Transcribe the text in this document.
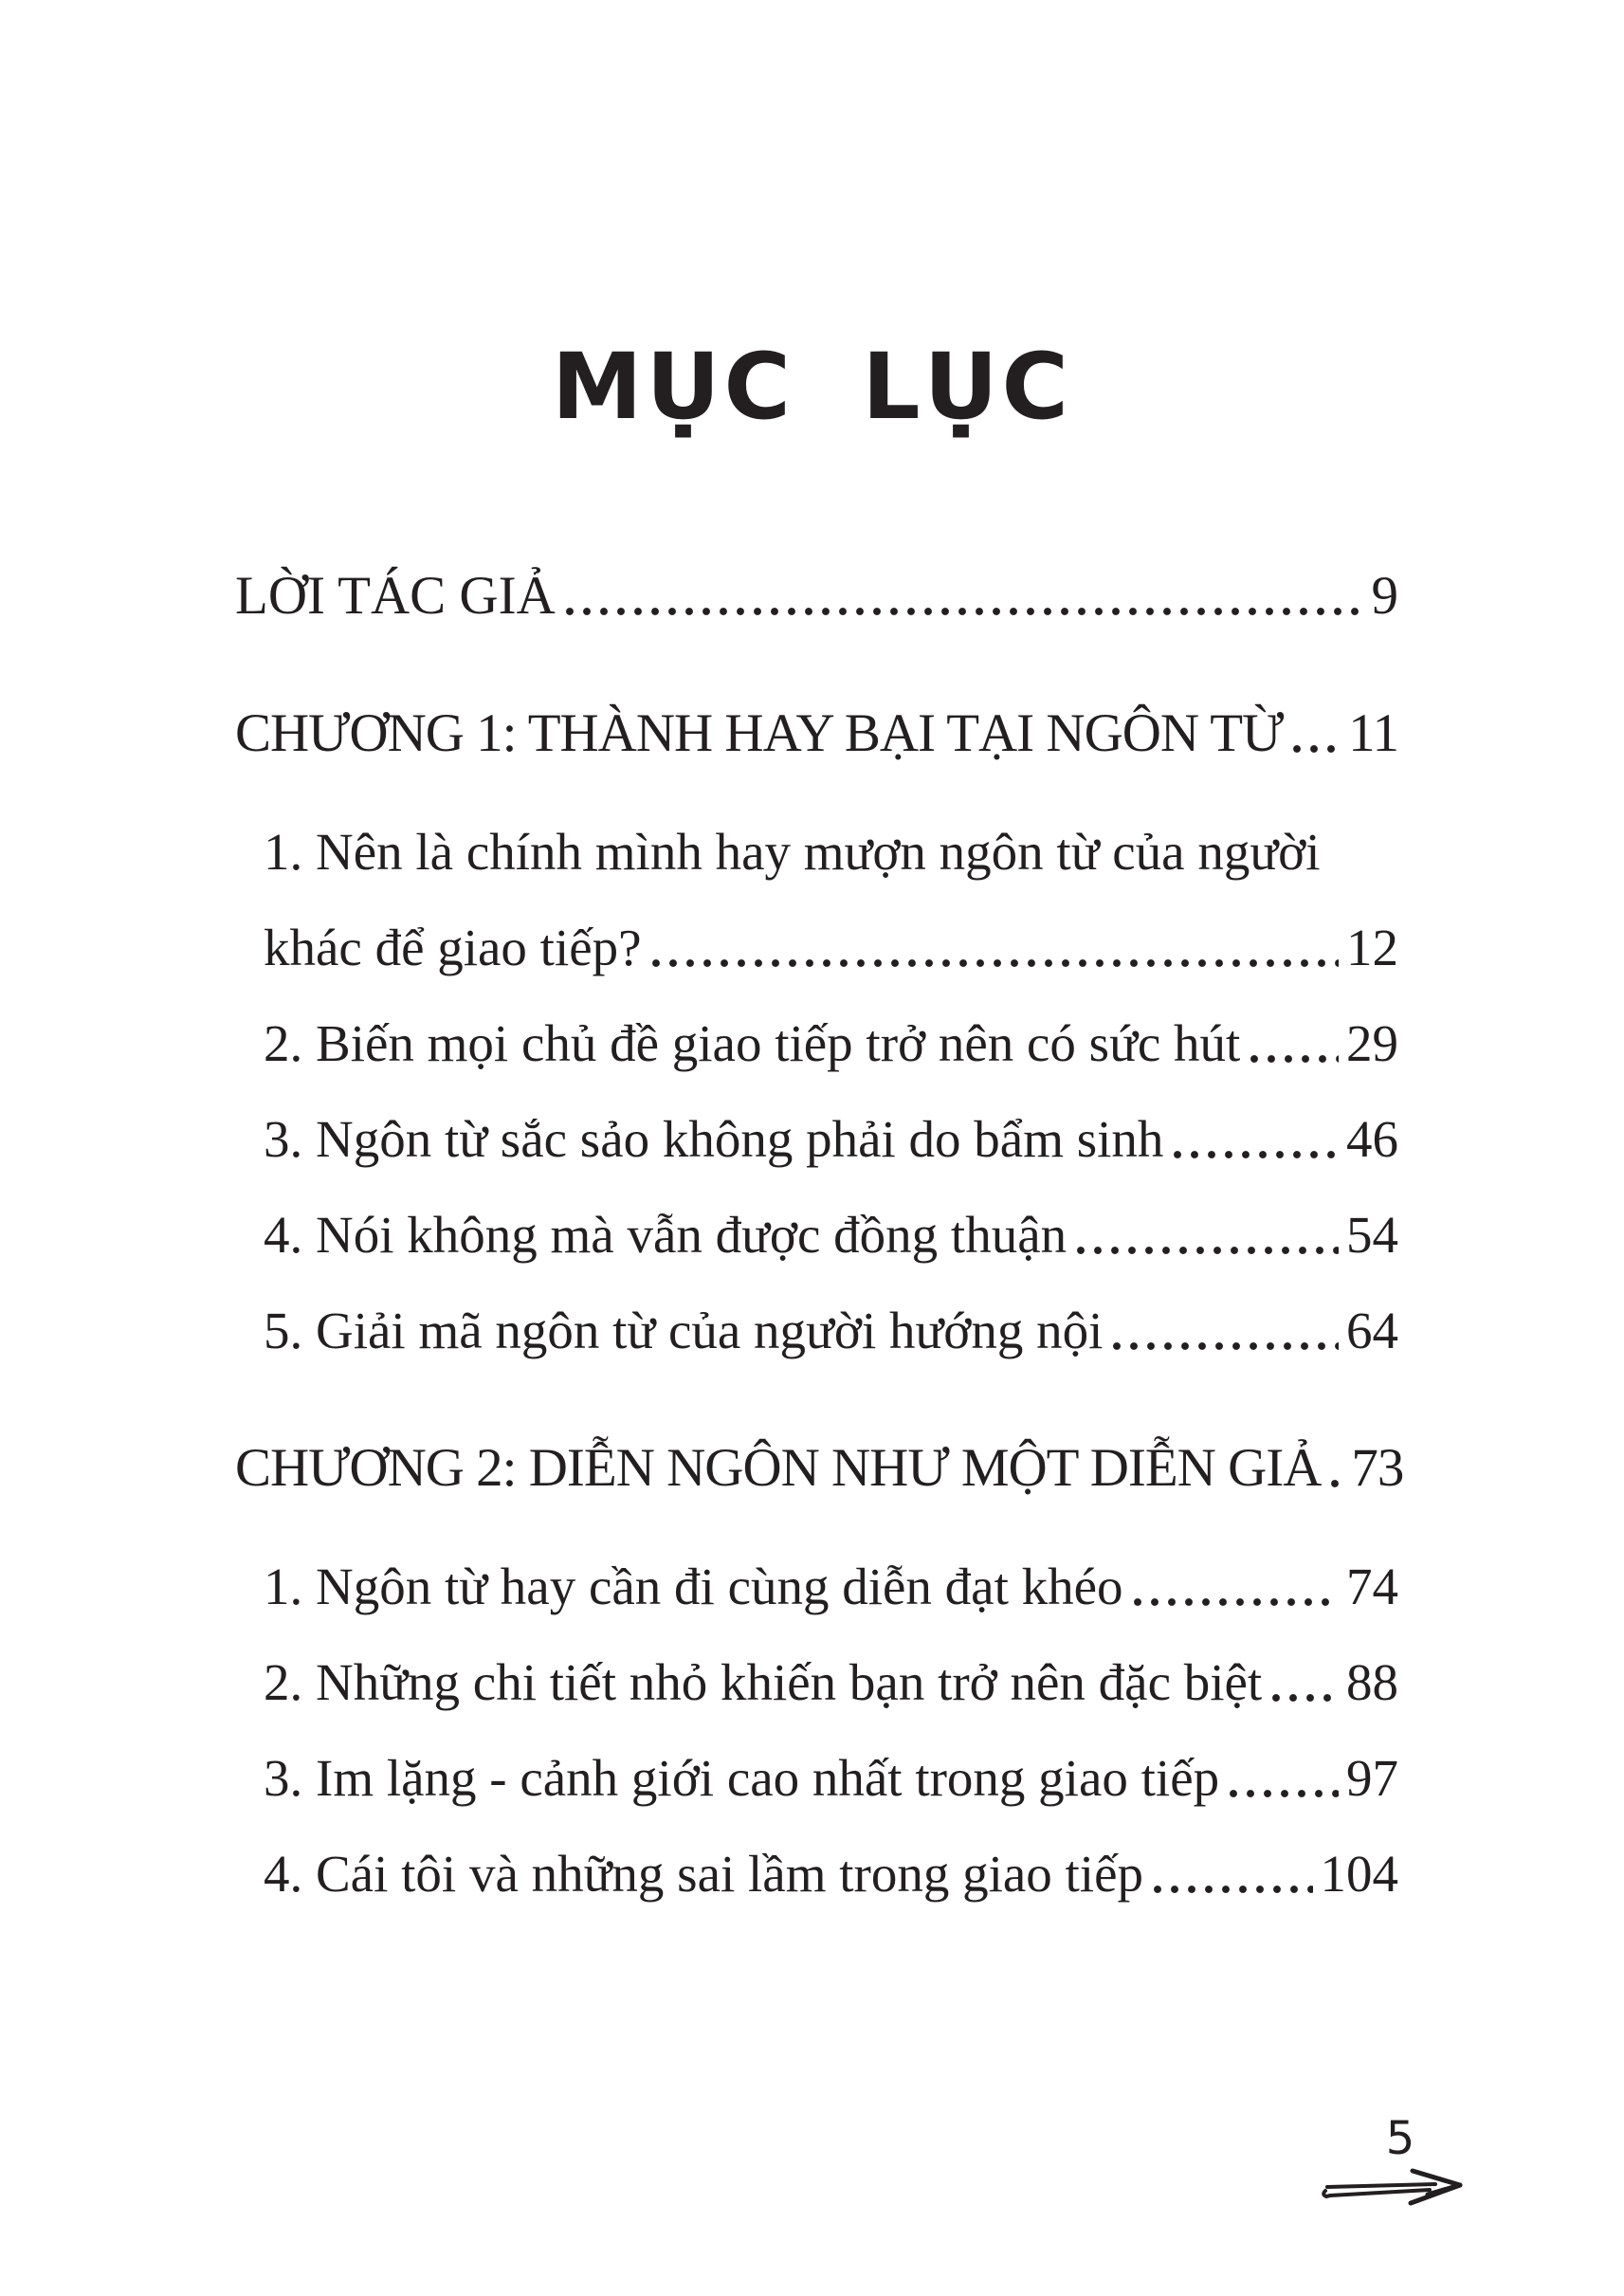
MỤC LỤC
LỜI TÁC GIẢ	9
CHƯƠNG 1: THÀNH HAY BẠI TẠI NGÔN TỪ 11
1. Nên là chính mình hay mượn ngôn từ của người
khác để giao tiếp?	12
2. Biến mọi chủ đề giao tiếp trở nên có sức hút 29
3. Ngôn từ sắc sảo không phải do bẩm sinh	46
4. Nói không mà vẫn được đồng thuận	54
5. Giải mã ngôn từ của người hướng nội	64
CHƯƠNG 2: DIỄN NGÔN NHƯ MỘT DIỄN GIẢ 73
1. Ngôn từ hay cần đi cùng diễn đạt khéo	74
2. Những chi tiết nhỏ khiến bạn trở nên đặc biệt 88
3. Im lặng - cảnh giới cao nhất trong giao tiếp 97
4. Cái tôi và những sai lầm trong giao tiếp	104
5
